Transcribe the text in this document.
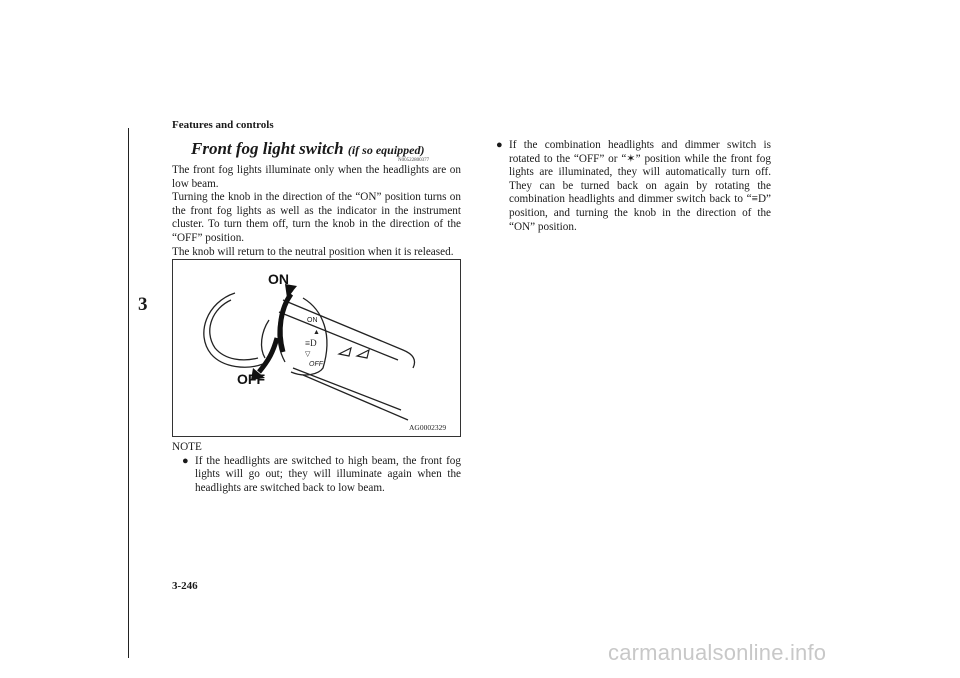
Features and controls
3
Front fog light switch (if so equipped)
N00522800377
The front fog lights illuminate only when the headlights are on low beam.
Turning the knob in the direction of the “ON” position turns on the front fog lights as well as the indicator in the instrument cluster. To turn them off, turn the knob in the direction of the “OFF” position.
The knob will return to the neutral position when it is released.
ON
▲
≡D
▽
OFF
ON
OFF
AG0002329
NOTE
● If the headlights are switched to high beam, the front fog lights will go out; they will illuminate again when the headlights are switched back to low beam.
● If the combination headlights and dimmer switch is rotated to the “OFF” or “✶” position while the front fog lights are illuminated, they will automatically turn off. They can be turned back on again by rotating the combination headlights and dimmer switch back to “≡D” position, and turning the knob in the direction of the “ON” position.
3-246
carmanualsonline.info
